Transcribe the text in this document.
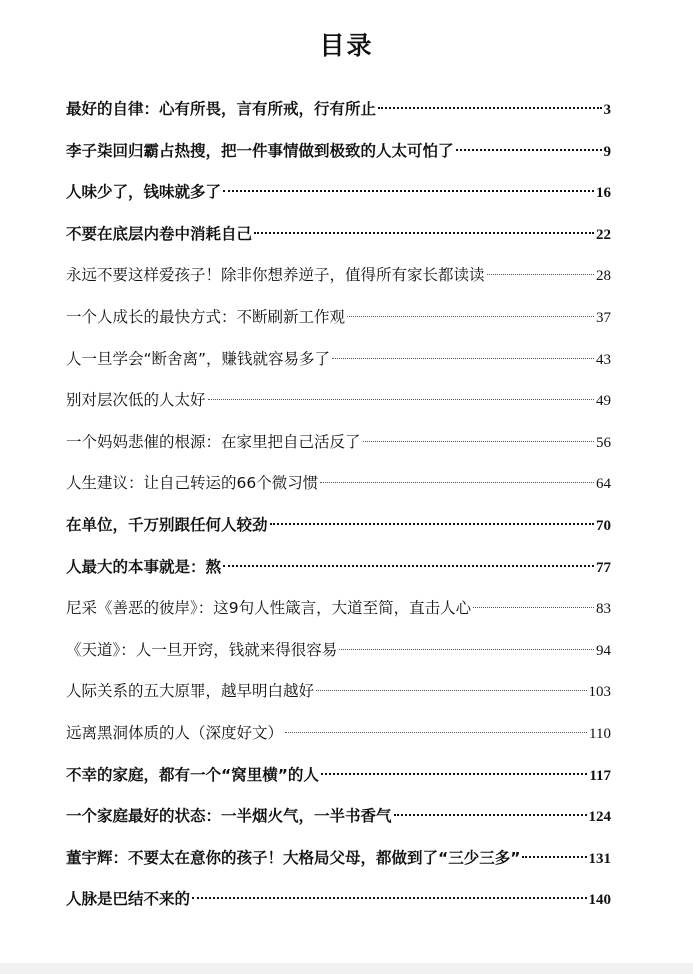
目录
最好的自律：心有所畏，言有所戒，行有所止	3
李子柒回归霸占热搜，把一件事情做到极致的人太可怕了	9
人味少了，钱味就多了	16
不要在底层内卷中消耗自己	22
永远不要这样爱孩子！除非你想养逆子，值得所有家长都读读	28
一个人成长的最快方式：不断刷新工作观	37
人一旦学会“断舍离”，赚钱就容易多了	43
别对层次低的人太好	49
一个妈妈悲催的根源：在家里把自己活反了	56
人生建议：让自己转运的66个微习惯	64
在单位，千万别跟任何人较劲	70
人最大的本事就是：熬	77
尼采《善恶的彼岸》：这9句人性箴言，大道至简，直击人心	83
《天道》：人一旦开窍，钱就来得很容易	94
人际关系的五大原罪，越早明白越好	103
远离黑洞体质的人（深度好文）	110
不幸的家庭，都有一个“窝里横”的人	117
一个家庭最好的状态：一半烟火气，一半书香气	124
董宇辉：不要太在意你的孩子！大格局父母，都做到了“三少三多”	131
人脉是巴结不来的	140
